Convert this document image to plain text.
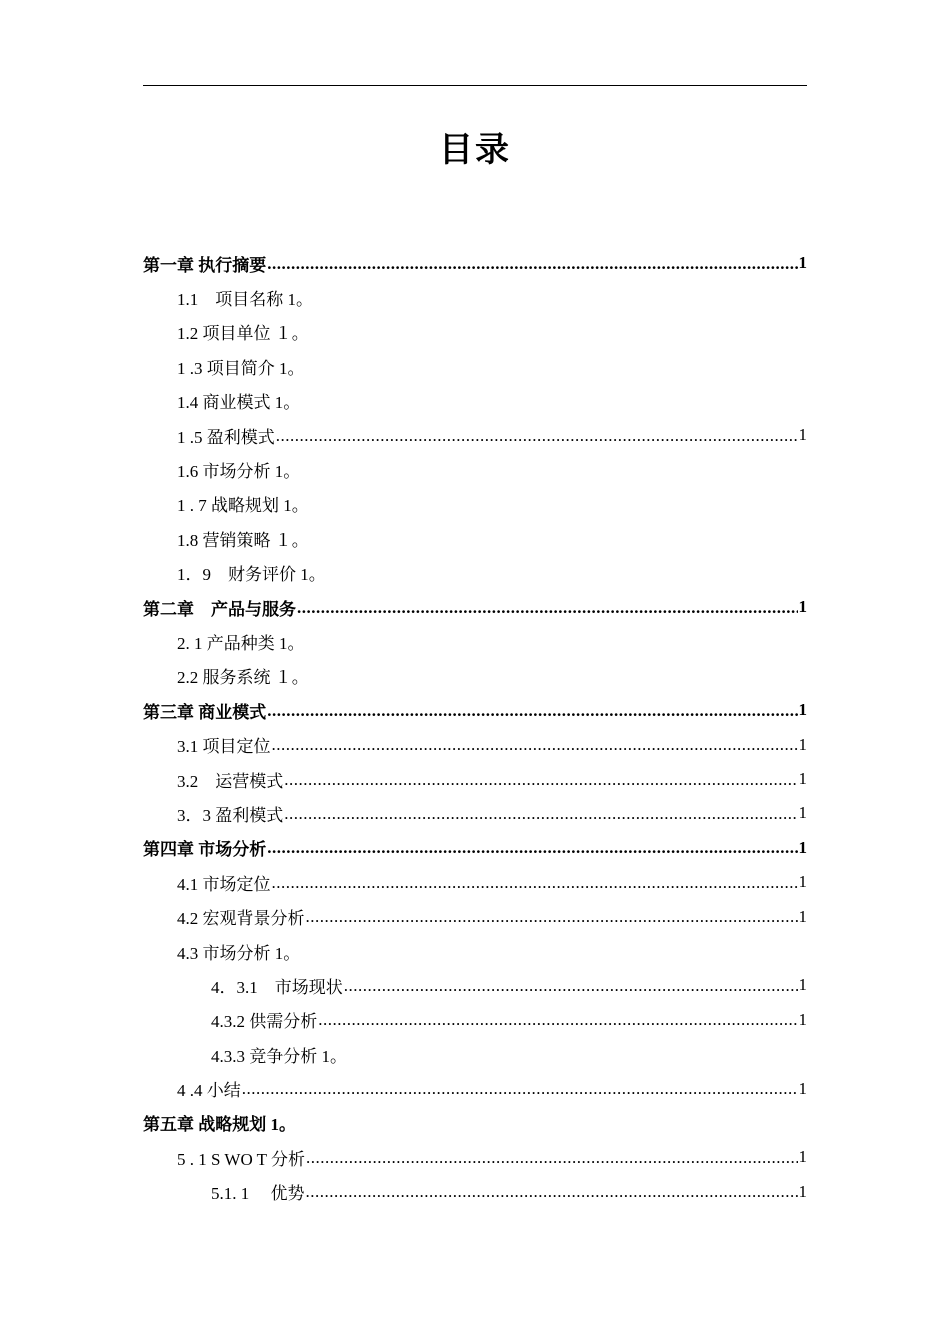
目录
第一章 执行摘要 .....	1
1.1　项目名称 1 。
1.2 项目单位 １。
1 .3 项目简介 1。
1.4 商业模式 1。
1 .5 盈利模式 .....	1
1.6 市场分析 1。
1 . 7 战略规划 1。
1.8 营销策略 １。
1．9　财务评价 1。
第二章　产品与服务 .....	1
2. 1 产品种类 1。
2.2 服务系统 １。
第三章 商业模式 .....	1
3.1 项目定位 .....	1
3.2　运营模式 .....	1
3．3 盈利模式 .....	1
第四章 市场分析 .....	1
4.1 市场定位 .....	1
4.2 宏观背景分析 .....	1
4.3 市场分析 1。
4．3.1　市场现状 .....	1
4.3.2 供需分析 .....	1
4.3.3 竞争分析 1。
4 .4 小结 .....	1
第五章 战略规划 1。
5 . 1 S WO T 分析 .....	1
5.1. 1　 优势 .....	1
